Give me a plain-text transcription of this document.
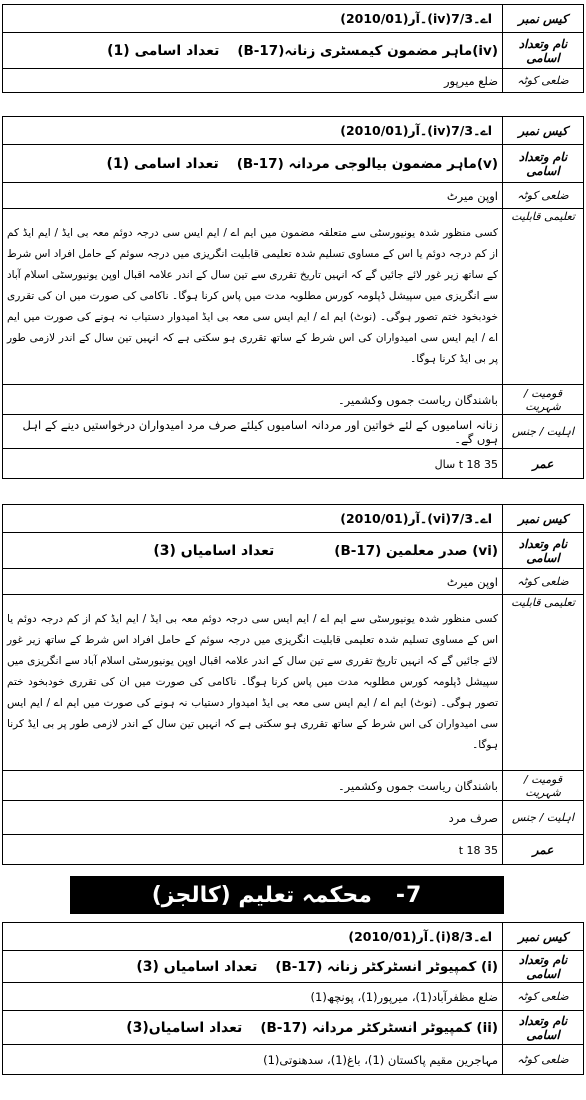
کیس نمبر	اے۔7/3(iv)۔آر(2010/01)
نام وتعداد اسامی	(iv)ماہر مضمون کیمسٹری زنانہ(B-17)
تعداد اسامی (1)

ضلعی کوٹہ	ضلع میرپور
کیس نمبر	اے۔7/3(iv)۔آر(2010/01)
نام وتعداد اسامی	(v)ماہر مضمون بیالوجی مردانہ (B-17)
تعداد اسامی (1)

ضلعی کوٹہ	اوپن میرٹ
تعلیمی قابلیت	کسی منظور شدہ یونیورسٹی سے متعلقہ مضمون میں ایم اے / ایم ایس سی درجہ دوئم معہ بی ایڈ / ایم ایڈ کم از کم درجہ دوئم یا اس کے مساوی تسلیم شدہ تعلیمی قابلیت انگریزی میں درجہ سوئم کے حامل افراد اس شرط کے ساتھ زیر غور لائے جائیں گے کہ انہیں تاریخ تقرری سے تین سال کے اندر علامہ اقبال اوپن یونیورسٹی اسلام آباد سے انگریزی میں سپیشل ڈپلومہ کورس مطلوبہ مدت میں پاس کرنا ہوگا۔ ناکامی کی صورت میں ان کی تقرری خودبخود ختم تصور ہوگی۔ (نوٹ) ایم اے / ایم ایس سی معہ بی ایڈ امیدوار دستیاب نہ ہونے کی صورت میں ایم اے / ایم ایس سی امیدواران کی اس شرط کے ساتھ تقرری ہو سکتی ہے کہ انہیں تین سال کے اندر لازمی طور پر بی ایڈ کرنا ہوگا۔

قومیت / شہریت	باشندگان ریاست جموں وکشمیر۔
اہلیت / جنس	زنانہ اسامیوں کے لئے خواتین اور مردانہ اسامیوں کیلئے صرف مرد امیدواران درخواستیں دینے کے اہل ہوں گے۔
عمر	35 t 18 سال
کیس نمبر	اے۔7/3(vi)۔آر(2010/01)
نام وتعداد اسامی	(vi) صدر معلمین (B-17)
تعداد اسامیاں (3)

ضلعی کوٹہ	اوپن میرٹ
تعلیمی قابلیت	کسی منظور شدہ یونیورسٹی سے ایم اے / ایم ایس سی درجہ دوئم معہ بی ایڈ / ایم ایڈ کم از کم درجہ دوئم یا اس کے مساوی تسلیم شدہ تعلیمی قابلیت انگریزی میں درجہ سوئم کے حامل افراد اس شرط کے ساتھ زیر غور لائے جائیں گے کہ انہیں تاریخ تقرری سے تین سال کے اندر علامہ اقبال اوپن یونیورسٹی اسلام آباد سے انگریزی میں سپیشل ڈپلومہ کورس مطلوبہ مدت میں پاس کرنا ہوگا۔ ناکامی کی صورت میں ان کی تقرری خودبخود ختم تصور ہوگی۔ (نوٹ) ایم اے / ایم ایس سی معہ بی ایڈ امیدوار دستیاب نہ ہونے کی صورت میں ایم اے / ایم ایس سی امیدواران کی اس شرط کے ساتھ تقرری ہو سکتی ہے کہ انہیں تین سال کے اندر لازمی طور پر بی ایڈ کرنا ہوگا۔

قومیت / شہریت	باشندگان ریاست جموں وکشمیر۔
اہلیت / جنس	صرف مرد
عمر	35 t 18
7-
محکمہ تعلیم (کالجز)
کیس نمبر	اے۔8/3(i)۔آر(2010/01)
نام وتعداد اسامی	(i) کمپیوٹر انسٹرکٹر زنانہ (B-17)
تعداد اسامیاں (3)

ضلعی کوٹہ	ضلع مظفرآباد(1)، میرپور(1)، پونچھ(1)
نام وتعداد اسامی	(ii) کمپیوٹر انسٹرکٹر مردانہ (B-17)
تعداد اسامیاں(3)

ضلعی کوٹہ	مہاجرین مقیم پاکستان (1)، باغ(1)، سدھنوتی(1)
